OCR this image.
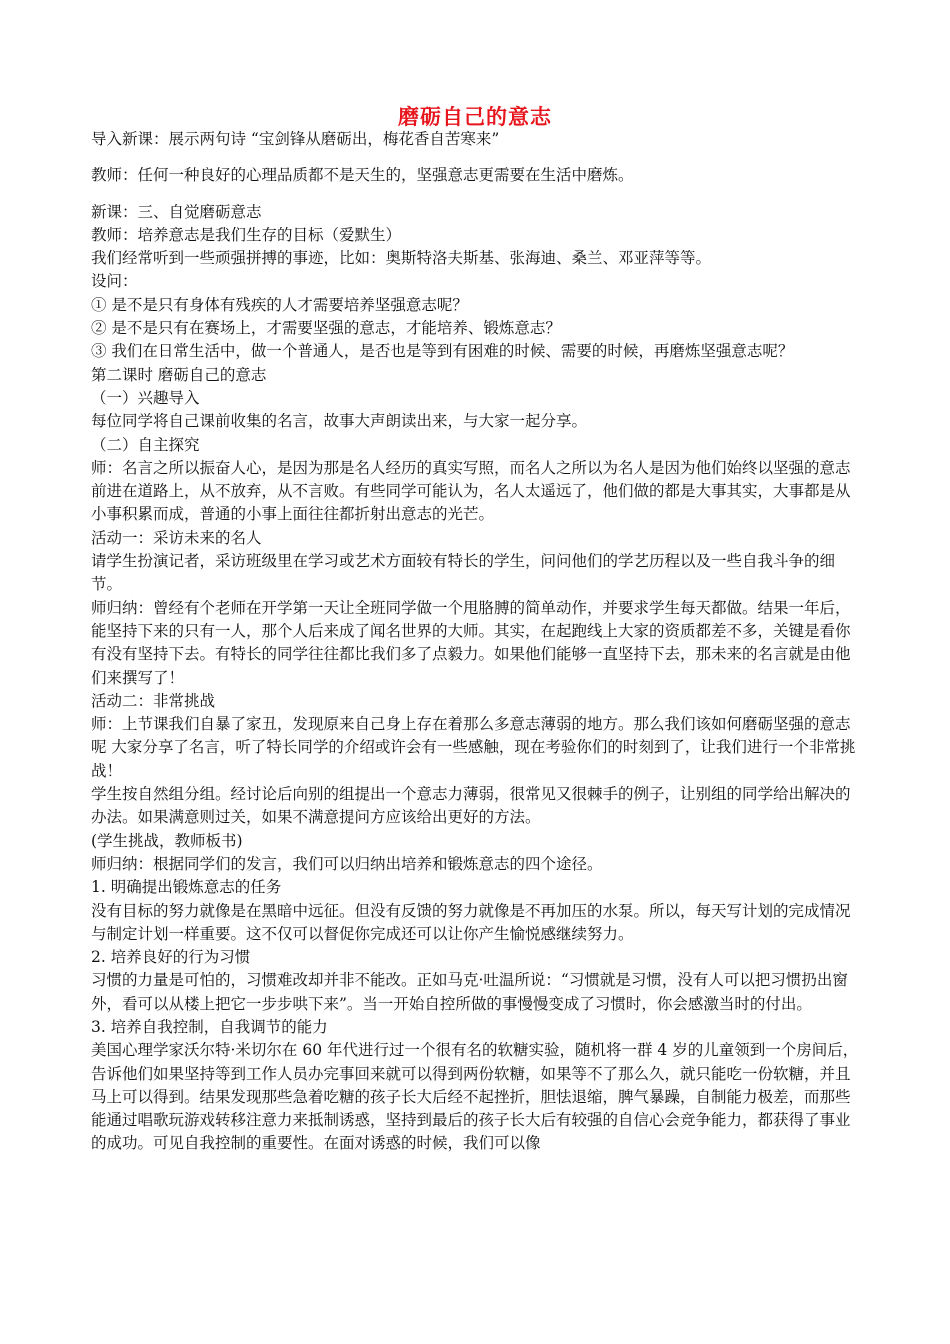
磨砺自己的意志

导入新课：展示两句诗 “宝剑锋从磨砺出，梅花香自苦寒来”

教师：任何一种良好的心理品质都不是天生的，坚强意志更需要在生活中磨炼。

新课：三、自觉磨砺意志

教师：培养意志是我们生存的目标（爱默生）

我们经常听到一些顽强拼搏的事迹，比如：奥斯特洛夫斯基、张海迪、桑兰、邓亚萍等等。

设问：

① 是不是只有身体有残疾的人才需要培养坚强意志呢？

② 是不是只有在赛场上，才需要坚强的意志，才能培养、锻炼意志？

③ 我们在日常生活中，做一个普通人，是否也是等到有困难的时候、需要的时候，再磨炼坚强意志呢？

第二课时 磨砺自己的意志

（一）兴趣导入

每位同学将自己课前收集的名言，故事大声朗读出来，与大家一起分享。

（二）自主探究

师：名言之所以振奋人心，是因为那是名人经历的真实写照，而名人之所以为名人是因为他们始终以坚强的意志前进在道路上，从不放弃，从不言败。有些同学可能认为，名人太遥远了，他们做的都是大事其实，大事都是从小事积累而成，普通的小事上面往往都折射出意志的光芒。

活动一：采访未来的名人

请学生扮演记者，采访班级里在学习或艺术方面较有特长的学生，问问他们的学艺历程以及一些自我斗争的细节。

师归纳：曾经有个老师在开学第一天让全班同学做一个甩胳膊的简单动作，并要求学生每天都做。结果一年后，能坚持下来的只有一人，那个人后来成了闻名世界的大师。其实，在起跑线上大家的资质都差不多，关键是看你有没有坚持下去。有特长的同学往往都比我们多了点毅力。如果他们能够一直坚持下去，那未来的名言就是由他们来撰写了！

活动二：非常挑战

师：上节课我们自暴了家丑，发现原来自己身上存在着那么多意志薄弱的地方。那么我们该如何磨砺坚强的意志呢 大家分享了名言，听了特长同学的介绍或许会有一些感触，现在考验你们的时刻到了，让我们进行一个非常挑战！

学生按自然组分组。经讨论后向别的组提出一个意志力薄弱，很常见又很棘手的例子，让别组的同学给出解决的办法。如果满意则过关，如果不满意提问方应该给出更好的方法。

(学生挑战，教师板书)

师归纳：根据同学们的发言，我们可以归纳出培养和锻炼意志的四个途径。

1. 明确提出锻炼意志的任务

没有目标的努力就像是在黑暗中远征。但没有反馈的努力就像是不再加压的水泵。所以，每天写计划的完成情况与制定计划一样重要。这不仅可以督促你完成还可以让你产生愉悦感继续努力。

2. 培养良好的行为习惯

习惯的力量是可怕的，习惯难改却并非不能改。正如马克·吐温所说：“习惯就是习惯，没有人可以把习惯扔出窗外，看可以从楼上把它一步步哄下来”。当一开始自控所做的事慢慢变成了习惯时，你会感激当时的付出。

3. 培养自我控制，自我调节的能力

美国心理学家沃尔特·米切尔在 60 年代进行过一个很有名的软糖实验，随机将一群 4 岁的儿童领到一个房间后，告诉他们如果坚持等到工作人员办完事回来就可以得到两份软糖，如果等不了那么久，就只能吃一份软糖，并且马上可以得到。结果发现那些急着吃糖的孩子长大后经不起挫折，胆怯退缩，脾气暴躁，自制能力极差，而那些能通过唱歌玩游戏转移注意力来抵制诱惑，坚持到最后的孩子长大后有较强的自信心会竞争能力，都获得了事业的成功。可见自我控制的重要性。在面对诱惑的时候，我们可以像
